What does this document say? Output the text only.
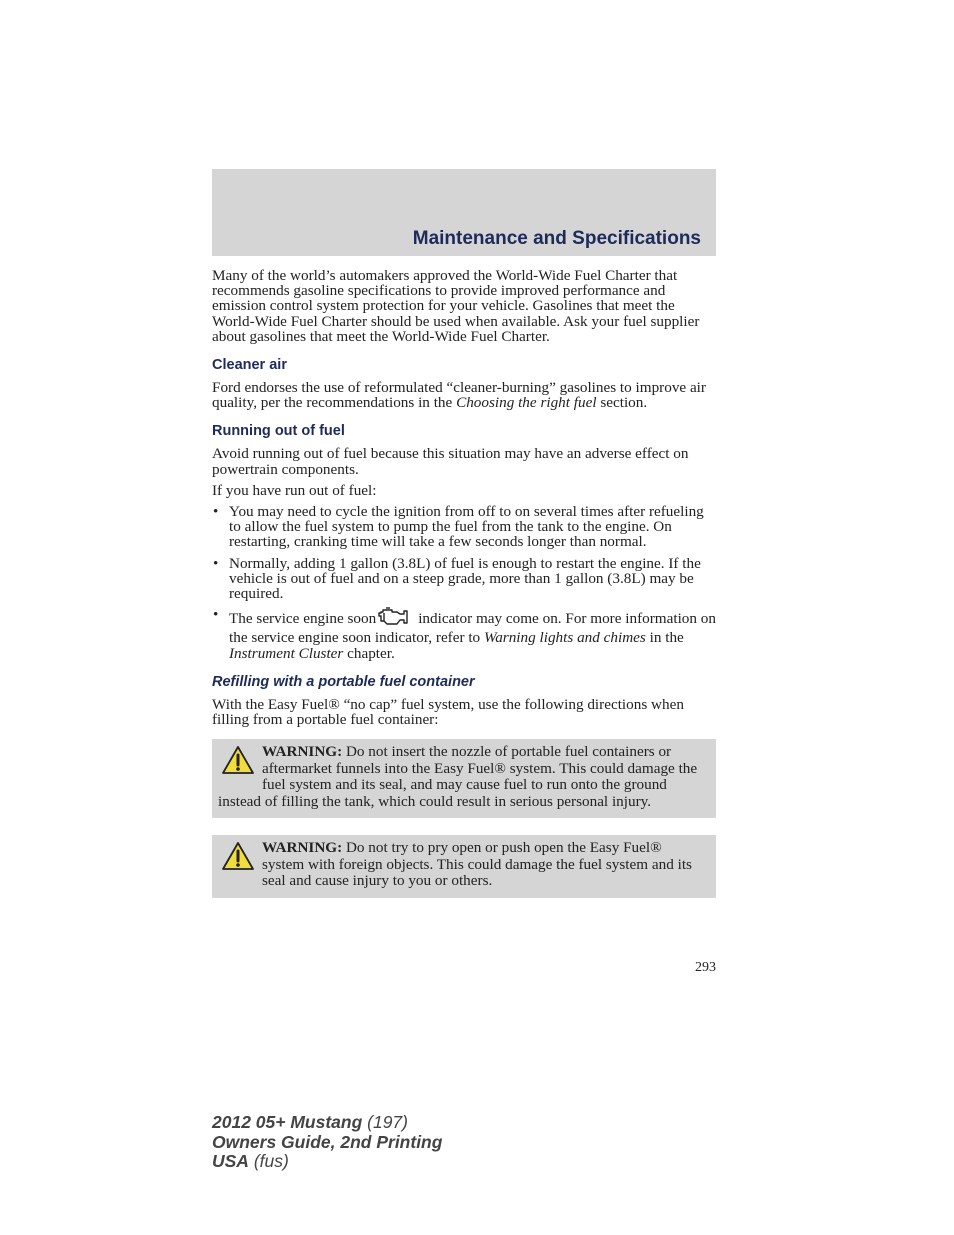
Maintenance and Specifications

Many of the world’s automakers approved the World-Wide Fuel Charter that recommends gasoline specifications to provide improved performance and emission control system protection for your vehicle. Gasolines that meet the World-Wide Fuel Charter should be used when available. Ask your fuel supplier about gasolines that meet the World-Wide Fuel Charter.

Cleaner air

Ford endorses the use of reformulated “cleaner-burning” gasolines to improve air quality, per the recommendations in the Choosing the right fuel section.

Running out of fuel

Avoid running out of fuel because this situation may have an adverse effect on powertrain components.

If you have run out of fuel:

• You may need to cycle the ignition from off to on several times after refueling to allow the fuel system to pump the fuel from the tank to the engine. On restarting, cranking time will take a few seconds longer than normal.
• Normally, adding 1 gallon (3.8L) of fuel is enough to restart the engine. If the vehicle is out of fuel and on a steep grade, more than 1 gallon (3.8L) may be required.
• The service engine soon	indicator may come on. For more information on the service engine soon indicator, refer to Warning lights and chimes in the Instrument Cluster chapter.
Refilling with a portable fuel container

With the Easy Fuel® “no cap” fuel system, use the following directions when filling from a portable fuel container:

WARNING: Do not insert the nozzle of portable fuel containers or aftermarket funnels into the Easy Fuel® system. This could damage the fuel system and its seal, and may cause fuel to run onto the ground instead of filling the tank, which could result in serious personal injury.
WARNING: Do not try to pry open or push open the Easy Fuel® system with foreign objects. This could damage the fuel system and its seal and cause injury to you or others.
293
2012 05+ Mustang (197)
Owners Guide, 2nd Printing
USA (fus)
